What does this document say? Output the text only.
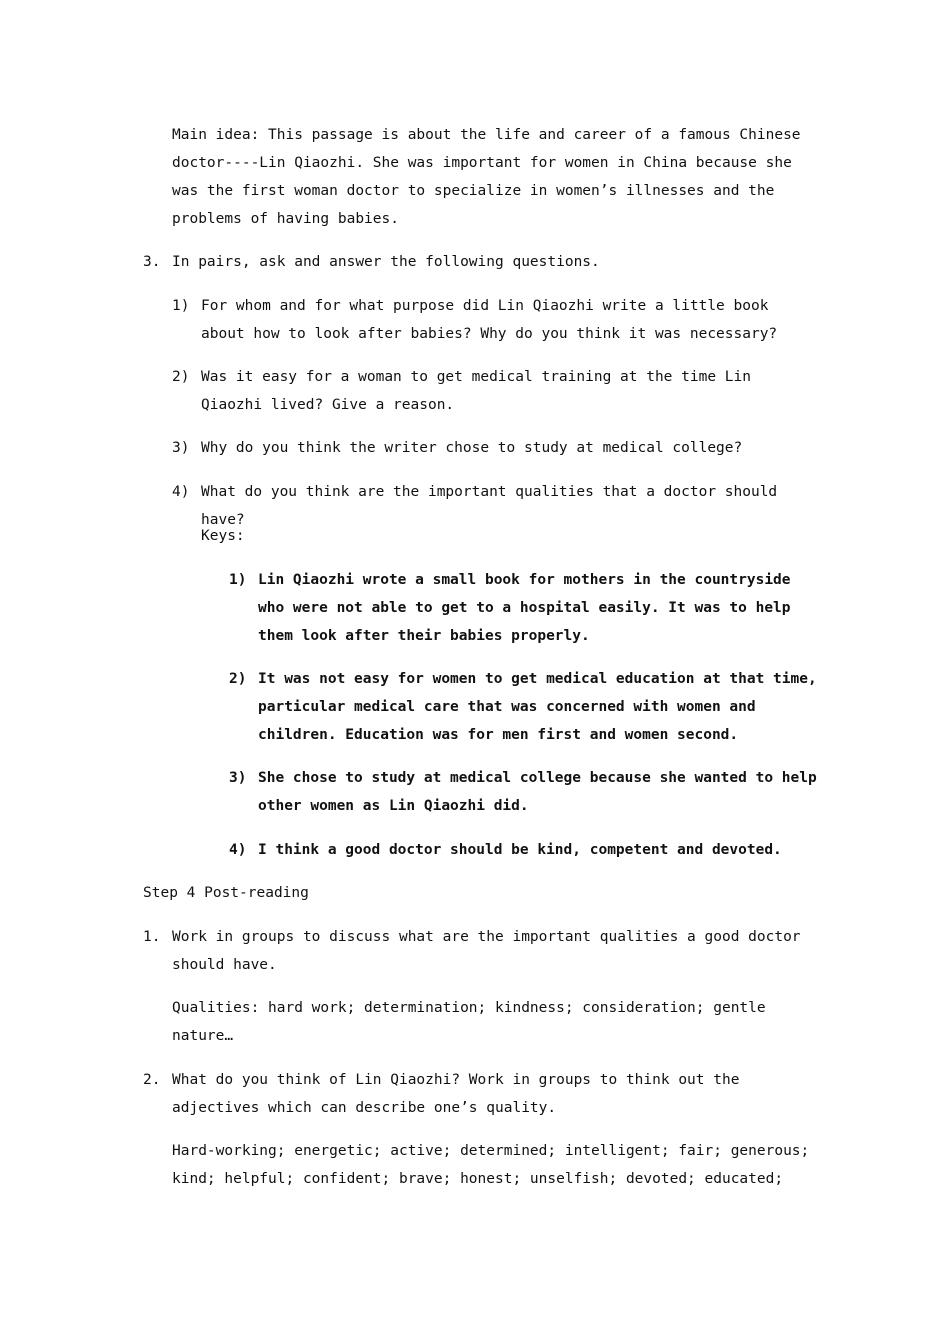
Main idea: This passage is about the life and career of a famous Chinese doctor----Lin Qiaozhi. She was important for women in China because she was the first woman doctor to specialize in women’s illnesses and the problems of having babies.

3. In pairs, ask and answer the following questions.
1) For whom and for what purpose did Lin Qiaozhi write a little book about how to look after babies? Why do you think it was necessary?
2) Was it easy for a woman to get medical training at the time Lin Qiaozhi lived? Give a reason.
3) Why do you think the writer chose to study at medical college?
4) What do you think are the important qualities that a doctor should have?

Keys:

1) Lin Qiaozhi wrote a small book for mothers in the countryside who were not able to get to a hospital easily. It was to help them look after their babies properly.
2) It was not easy for women to get medical education at that time, particular medical care that was concerned with women and children. Education was for men first and women second.
3) She chose to study at medical college because she wanted to help other women as Lin Qiaozhi did.
4) I think a good doctor should be kind, competent and devoted.

Step 4 Post-reading

1. Work in groups to discuss what are the important qualities a good doctor should have.

Qualities: hard work; determination; kindness; consideration; gentle nature…

2. What do you think of Lin Qiaozhi? Work in groups to think out the adjectives which can describe one’s quality.

Hard-working; energetic; active; determined; intelligent; fair; generous; kind; helpful; confident; brave; honest; unselfish; devoted; educated;
